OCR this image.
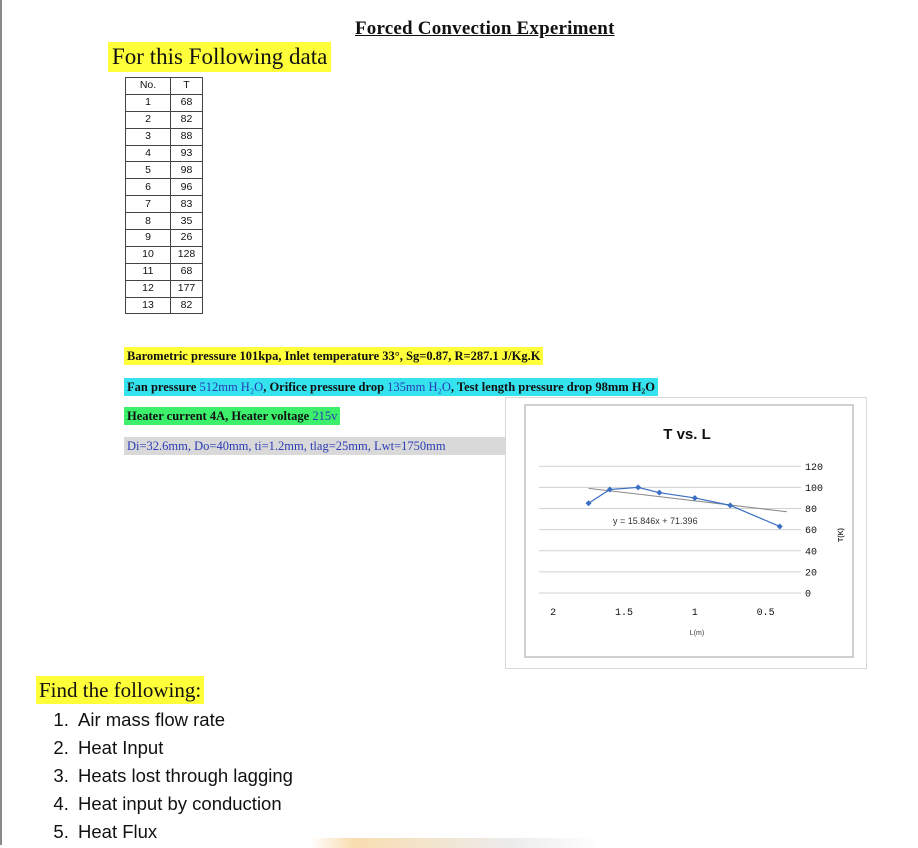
Forced Convection Experiment
For this Following data
No.	T
1	68
2	82
3	88
4	93
5	98
6	96
7	83
8	35
9	26
10	128
11	68
12	177
13	82
Barometric pressure 101kpa, Inlet temperature 33°, Sg=0.87, R=287.1 J/Kg.K
Fan pressure 512mm H₂O, Orifice pressure drop 135mm H₂O, Test length pressure drop 98mm H₂O
Heater current 4A, Heater voltage 215v
Di=32.6mm, Do=40mm, ti=1.2mm, tlag=25mm, Lwt=1750mm
T vs. L
2	1.5	1	0.5
0
20
40
60
80
100
120
y = 15.846x + 71.396
L(m)
T(K)
Find the following:
1. Air mass flow rate
2. Heat Input
3. Heats lost through lagging
4. Heat input by conduction
5. Heat Flux
